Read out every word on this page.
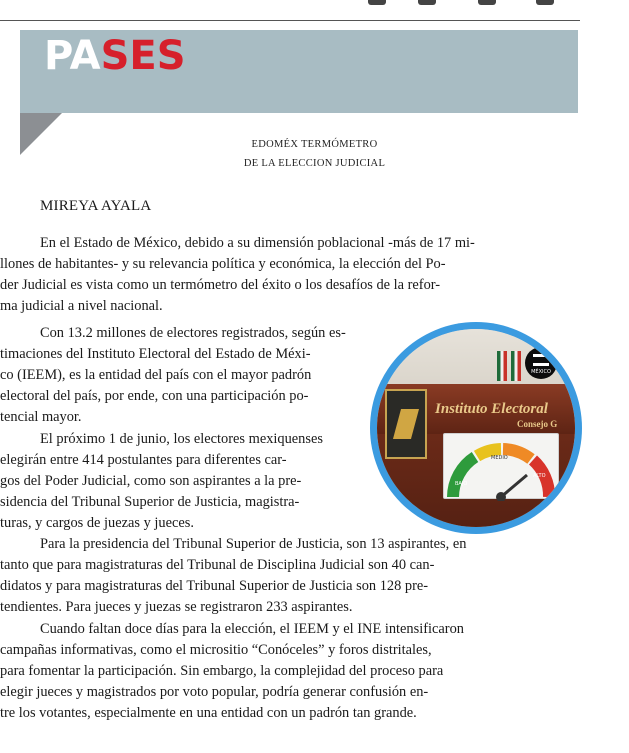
PASES
EDOMÉX TERMÓMETRO
DE LA ELECCION JUDICIAL
MIREYA AYALA
En el Estado de México, debido a su dimensión poblacional -más de 17 mi-
llones de habitantes- y su relevancia política y económica, la elección del Po-
der Judicial es vista como un termómetro del éxito o los desafíos de la refor-
ma judicial a nivel nacional.
Con 13.2 millones de electores registrados, según es-
timaciones del Instituto Electoral del Estado de Méxi-
co (IEEM), es la entidad del país con el mayor padrón
electoral del país, por ende, con una participación po-
tencial mayor.
El próximo 1 de junio, los electores mexiquenses
elegirán entre 414 postulantes para diferentes car-
gos del Poder Judicial, como son aspirantes a la pre-
sidencia del Tribunal Superior de Justicia, magistra-
turas, y cargos de juezas y jueces.
Para la presidencia del Tribunal Superior de Justicia, son 13 aspirantes, en
tanto que para magistraturas del Tribunal de Disciplina Judicial son 40 can-
didatos y para magistraturas del Tribunal Superior de Justicia son 128 pre-
tendientes. Para jueces y juezas se registraron 233 aspirantes.
Cuando faltan doce días para la elección, el IEEM y el INE intensificaron
campañas informativas, como el micrositio “Conóceles” y foros distritales,
para fomentar la participación. Sin embargo, la complejidad del proceso para
elegir jueces y magistrados por voto popular, podría generar confusión en-
tre los votantes, especialmente en una entidad con un padrón tan grande.
Instituto Electoral
Consejo G
MÉXICO
BAJO
MEDIO
ALTO
